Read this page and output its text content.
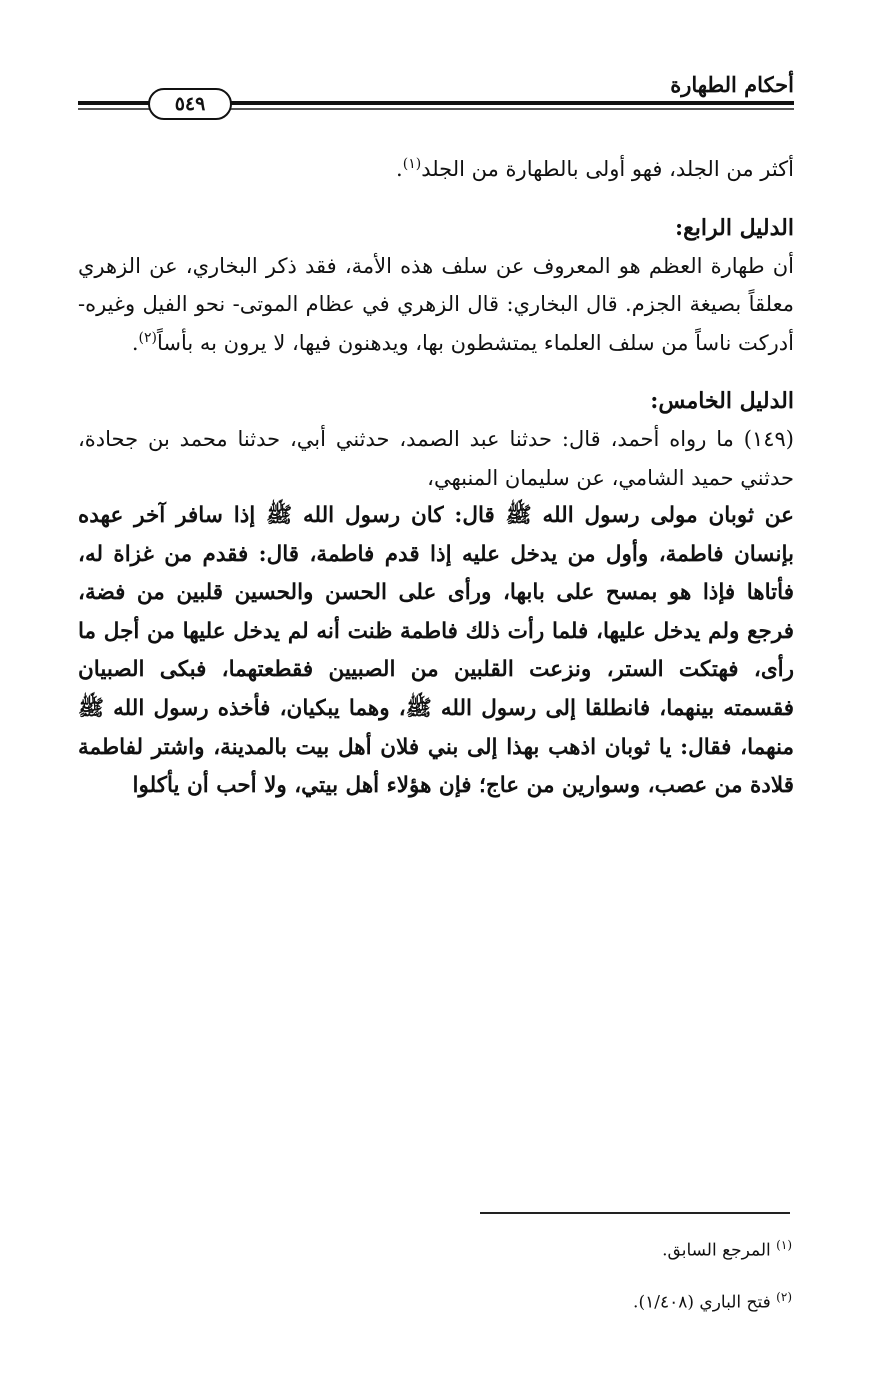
أحكام الطهارة
٥٤٩

أكثر من الجلد، فهو أولى بالطهارة من الجلد$^{(١)}$.

الدليل الرابع:

أن طهارة العظم هو المعروف عن سلف هذه الأمة، فقد ذكر البخاري، عن الزهري معلقاً بصيغة الجزم. قال البخاري: قال الزهري في عظام الموتى- نحو الفيل وغيره- أدركت ناساً من سلف العلماء يمتشطون بها، ويدهنون فيها، لا يرون به بأساً$^{(٢)}$.

الدليل الخامس:

(١٤٩) ما رواه أحمد، قال: حدثنا عبد الصمد، حدثني أبي، حدثنا محمد بن جحادة، حدثني حميد الشامي، عن سليمان المنبهي،

عن ثوبان مولى رسول الله ﷺ قال: كان رسول الله ﷺ إذا سافر آخر عهده بإنسان فاطمة، وأول من يدخل عليه إذا قدم فاطمة، قال: فقدم من غزاة له، فأتاها فإذا هو بمسح على بابها، ورأى على الحسن والحسين قلبين من فضة، فرجع ولم يدخل عليها، فلما رأت ذلك فاطمة ظنت أنه لم يدخل عليها من أجل ما رأى، فهتكت الستر، ونزعت القلبين من الصبيين فقطعتهما، فبكى الصبيان فقسمته بينهما، فانطلقا إلى رسول الله ﷺ، وهما يبكيان، فأخذه رسول الله ﷺ منهما، فقال: يا ثوبان اذهب بهذا إلى بني فلان أهل بيت بالمدينة، واشتر لفاطمة قلادة من عصب، وسوارين من عاج؛ فإن هؤلاء أهل بيتي، ولا أحب أن يأكلوا

$^{(١)}$ المرجع السابق.

$^{(٢)}$ فتح الباري (١/٤٠٨).
